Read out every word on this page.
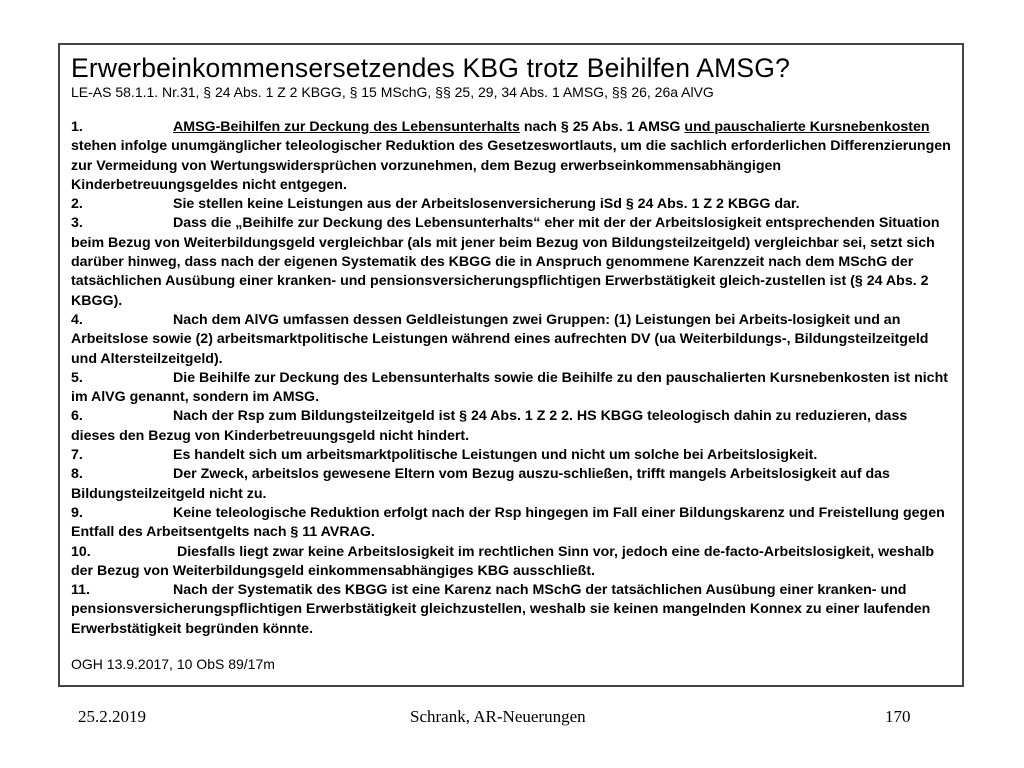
Erwerbeinkommensersetzendes KBG trotz Beihilfen AMSG?
LE-AS 58.1.1. Nr.31, § 24 Abs. 1 Z 2 KBGG, § 15 MSchG, §§ 25, 29, 34 Abs. 1 AMSG, §§ 26, 26a AlVG
1.	AMSG-Beihilfen zur Deckung des Lebensunterhalts nach § 25 Abs. 1 AMSG und pauschalierte Kursnebenkosten stehen infolge unumgänglicher teleologischer Reduktion des Gesetzeswortlauts, um die sachlich erforderlichen Differenzierungen zur Vermeidung von Wertungswidersprüchen vorzunehmen, dem Bezug erwerbseinkommensabhängigen Kinderbetreuungsgeldes nicht entgegen.
2.	Sie stellen keine Leistungen aus der Arbeitslosenversicherung iSd § 24 Abs. 1 Z 2 KBGG dar.
3.	Dass die „Beihilfe zur Deckung des Lebensunterhalts“ eher mit der der Arbeitslosigkeit entsprechenden Situation beim Bezug von Weiterbildungsgeld vergleichbar (als mit jener beim Bezug von Bildungsteilzeitgeld) vergleichbar sei, setzt sich darüber hinweg, dass nach der eigenen Systematik des KBGG die in Anspruch genommene Karenzzeit nach dem MSchG der tatsächlichen Ausübung einer kranken- und pensionsversicherungspflichtigen Erwerbstätigkeit gleich-zustellen ist (§ 24 Abs. 2 KBGG).
4.	Nach dem AlVG umfassen dessen Geldleistungen zwei Gruppen: (1) Leistungen bei Arbeits-losigkeit und an Arbeitslose sowie (2) arbeitsmarktpolitische Leistungen während eines aufrechten DV (ua Weiterbildungs-, Bildungsteilzeitgeld und Altersteilzeitgeld).
5.	Die Beihilfe zur Deckung des Lebensunterhalts sowie die Beihilfe zu den pauschalierten Kursnebenkosten ist nicht im AlVG genannt, sondern im AMSG.
6.	Nach der Rsp zum Bildungsteilzeitgeld ist § 24 Abs. 1 Z 2 2. HS KBGG teleologisch dahin zu reduzieren, dass dieses den Bezug von Kinderbetreuungsgeld nicht hindert.
7.	Es handelt sich um arbeitsmarktpolitische Leistungen und nicht um solche bei Arbeitslosigkeit.
8.	Der Zweck, arbeitslos gewesene Eltern vom Bezug auszu-schließen, trifft mangels Arbeitslosigkeit auf das Bildungsteilzeitgeld nicht zu.
9.	Keine teleologische Reduktion erfolgt nach der Rsp hingegen im Fall einer Bildungskarenz und Freistellung gegen Entfall des Arbeitsentgelts nach § 11 AVRAG.
10.	Diesfalls liegt zwar keine Arbeitslosigkeit im rechtlichen Sinn vor, jedoch eine de-facto-Arbeitslosigkeit, weshalb der Bezug von Weiterbildungsgeld einkommensabhängiges KBG ausschließt.
11.	Nach der Systematik des KBGG ist eine Karenz nach MSchG der tatsächlichen Ausübung einer kranken- und pensionsversicherungspflichtigen Erwerbstätigkeit gleichzustellen, weshalb sie keinen mangelnden Konnex zu einer laufenden Erwerbstätigkeit begründen könnte.
OGH 13.9.2017, 10 ObS 89/17m
25.2.2019	Schrank, AR-Neuerungen	170
